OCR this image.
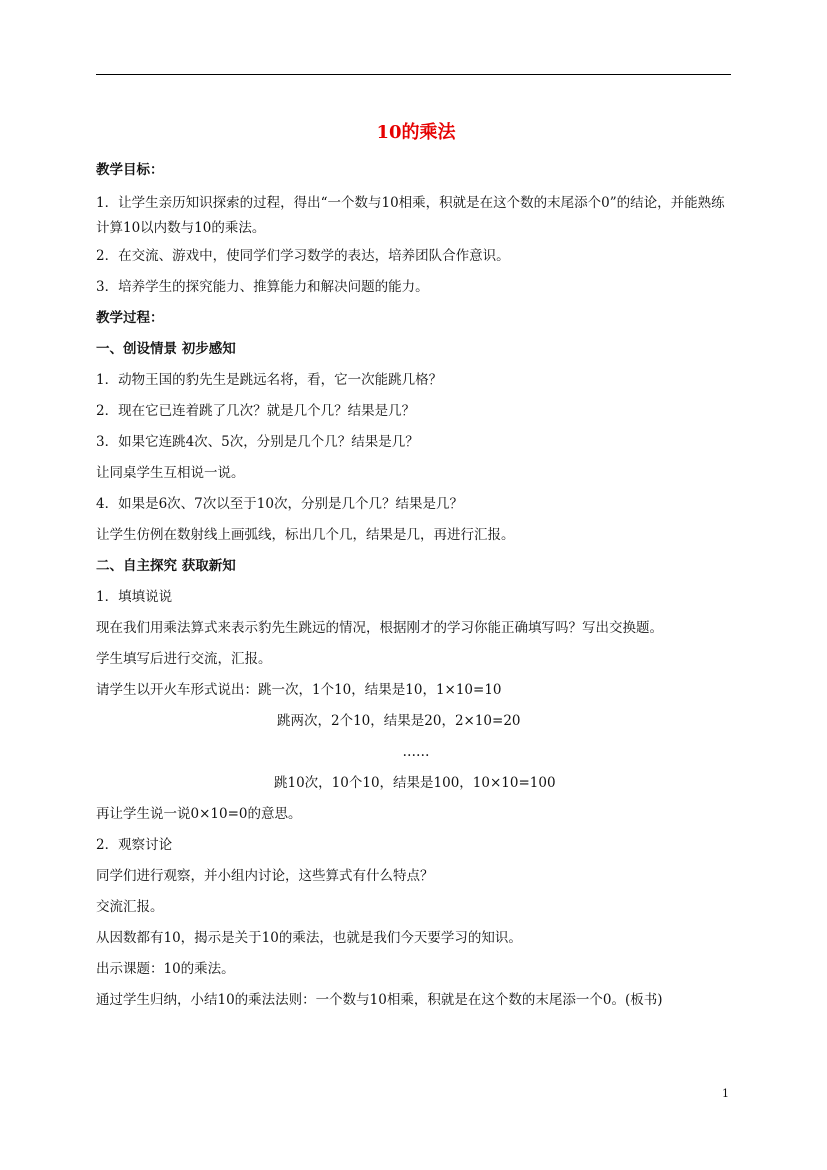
10的乘法
教学目标：
1．让学生亲历知识探索的过程，得出“一个数与10相乘，积就是在这个数的末尾添个0”的结论，并能熟练计算10以内数与10的乘法。
2．在交流、游戏中，使同学们学习数学的表达，培养团队合作意识。
3．培养学生的探究能力、推算能力和解决问题的能力。
教学过程：
一、创设情景 初步感知
1．动物王国的豹先生是跳远名将，看，它一次能跳几格？
2．现在它已连着跳了几次？就是几个几？结果是几？
3．如果它连跳4次、5次，分别是几个几？结果是几？
让同桌学生互相说一说。
4．如果是6次、7次以至于10次，分别是几个几？结果是几？
让学生仿例在数射线上画弧线，标出几个几，结果是几，再进行汇报。
二、自主探究 获取新知
1．填填说说
现在我们用乘法算式来表示豹先生跳远的情况，根据刚才的学习你能正确填写吗？写出交换题。
学生填写后进行交流，汇报。
请学生以开火车形式说出：跳一次，1个10，结果是10，1×10=10
跳两次，2个10，结果是20，2×10=20
……
跳10次，10个10，结果是100，10×10=100
再让学生说一说0×10=0的意思。
2．观察讨论
同学们进行观察，并小组内讨论，这些算式有什么特点？
交流汇报。
从因数都有10，揭示是关于10的乘法，也就是我们今天要学习的知识。
出示课题：10的乘法。
通过学生归纳，小结10的乘法法则：一个数与10相乘，积就是在这个数的末尾添一个0。(板书)
1
